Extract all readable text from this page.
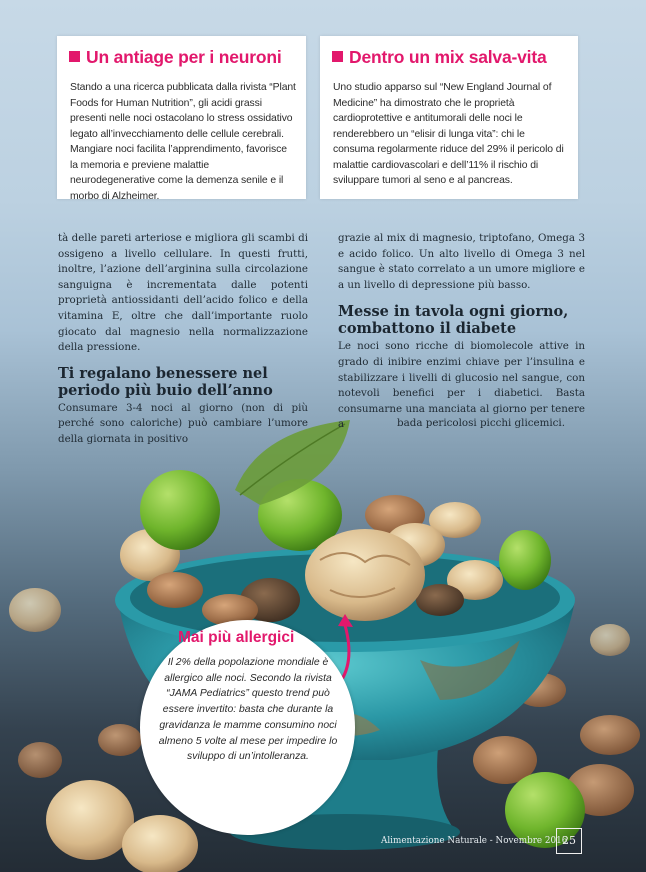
Un antiage per i neuroni

Stando a una ricerca pubblicata dalla rivista “Plant Foods for Human Nutrition”, gli acidi grassi presenti nelle noci ostacolano lo stress ossidativo legato all’invecchiamento delle cellule cerebrali. Mangiare noci facilita l’apprendimento, favorisce la memoria e previene malattie neurodegenerative come la demenza senile e il morbo di Alzheimer.

Dentro un mix salva-vita

Uno studio apparso sul “New England Journal of Medicine” ha dimostrato che le proprietà cardioprotettive e antitumorali delle noci le renderebbero un “elisir di lunga vita”: chi le consuma regolarmente riduce del 29% il pericolo di malattie cardiovascolari e dell’11% il rischio di sviluppare tumori al seno e al pancreas.

tà delle pareti arteriose e migliora gli scambi di ossigeno a livello cellulare. In questi frutti, inoltre, l’azione dell’arginina sulla circolazione sanguigna è incrementata dalle potenti proprietà antiossidanti dell’acido folico e della vitamina E, oltre che dall’importante ruolo giocato dal magnesio nella normalizzazione della pressione.

Ti regalano benessere nel periodo più buio dell’anno

Consumare 3-4 noci al giorno (non di più perché sono caloriche) può cambiare l’umore della giornata in positivo

grazie al mix di magnesio, triptofano, Omega 3 e acido folico. Un alto livello di Omega 3 nel sangue è stato correlato a un umore migliore e a un livello di depressione più basso.

Messe in tavola ogni giorno, combattono il diabete

Le noci sono ricche di biomolecole attive in grado di inibire enzimi chiave per l’insulina e stabilizzare i livelli di glucosio nel sangue, con notevoli benefici per i diabetici. Basta consumarne una manciata al giorno per tenere a	bada pericolosi picchi glicemici.
Mai più allergici
Il 2% della popolazione mondiale è allergico alle noci. Secondo la rivista “JAMA Pediatrics” questo trend può essere invertito: basta che durante la gravidanza le mamme consumino noci almeno 5 volte al mese per impedire lo sviluppo di un’intolleranza.
Alimentazione Naturale - Novembre 2016
25
